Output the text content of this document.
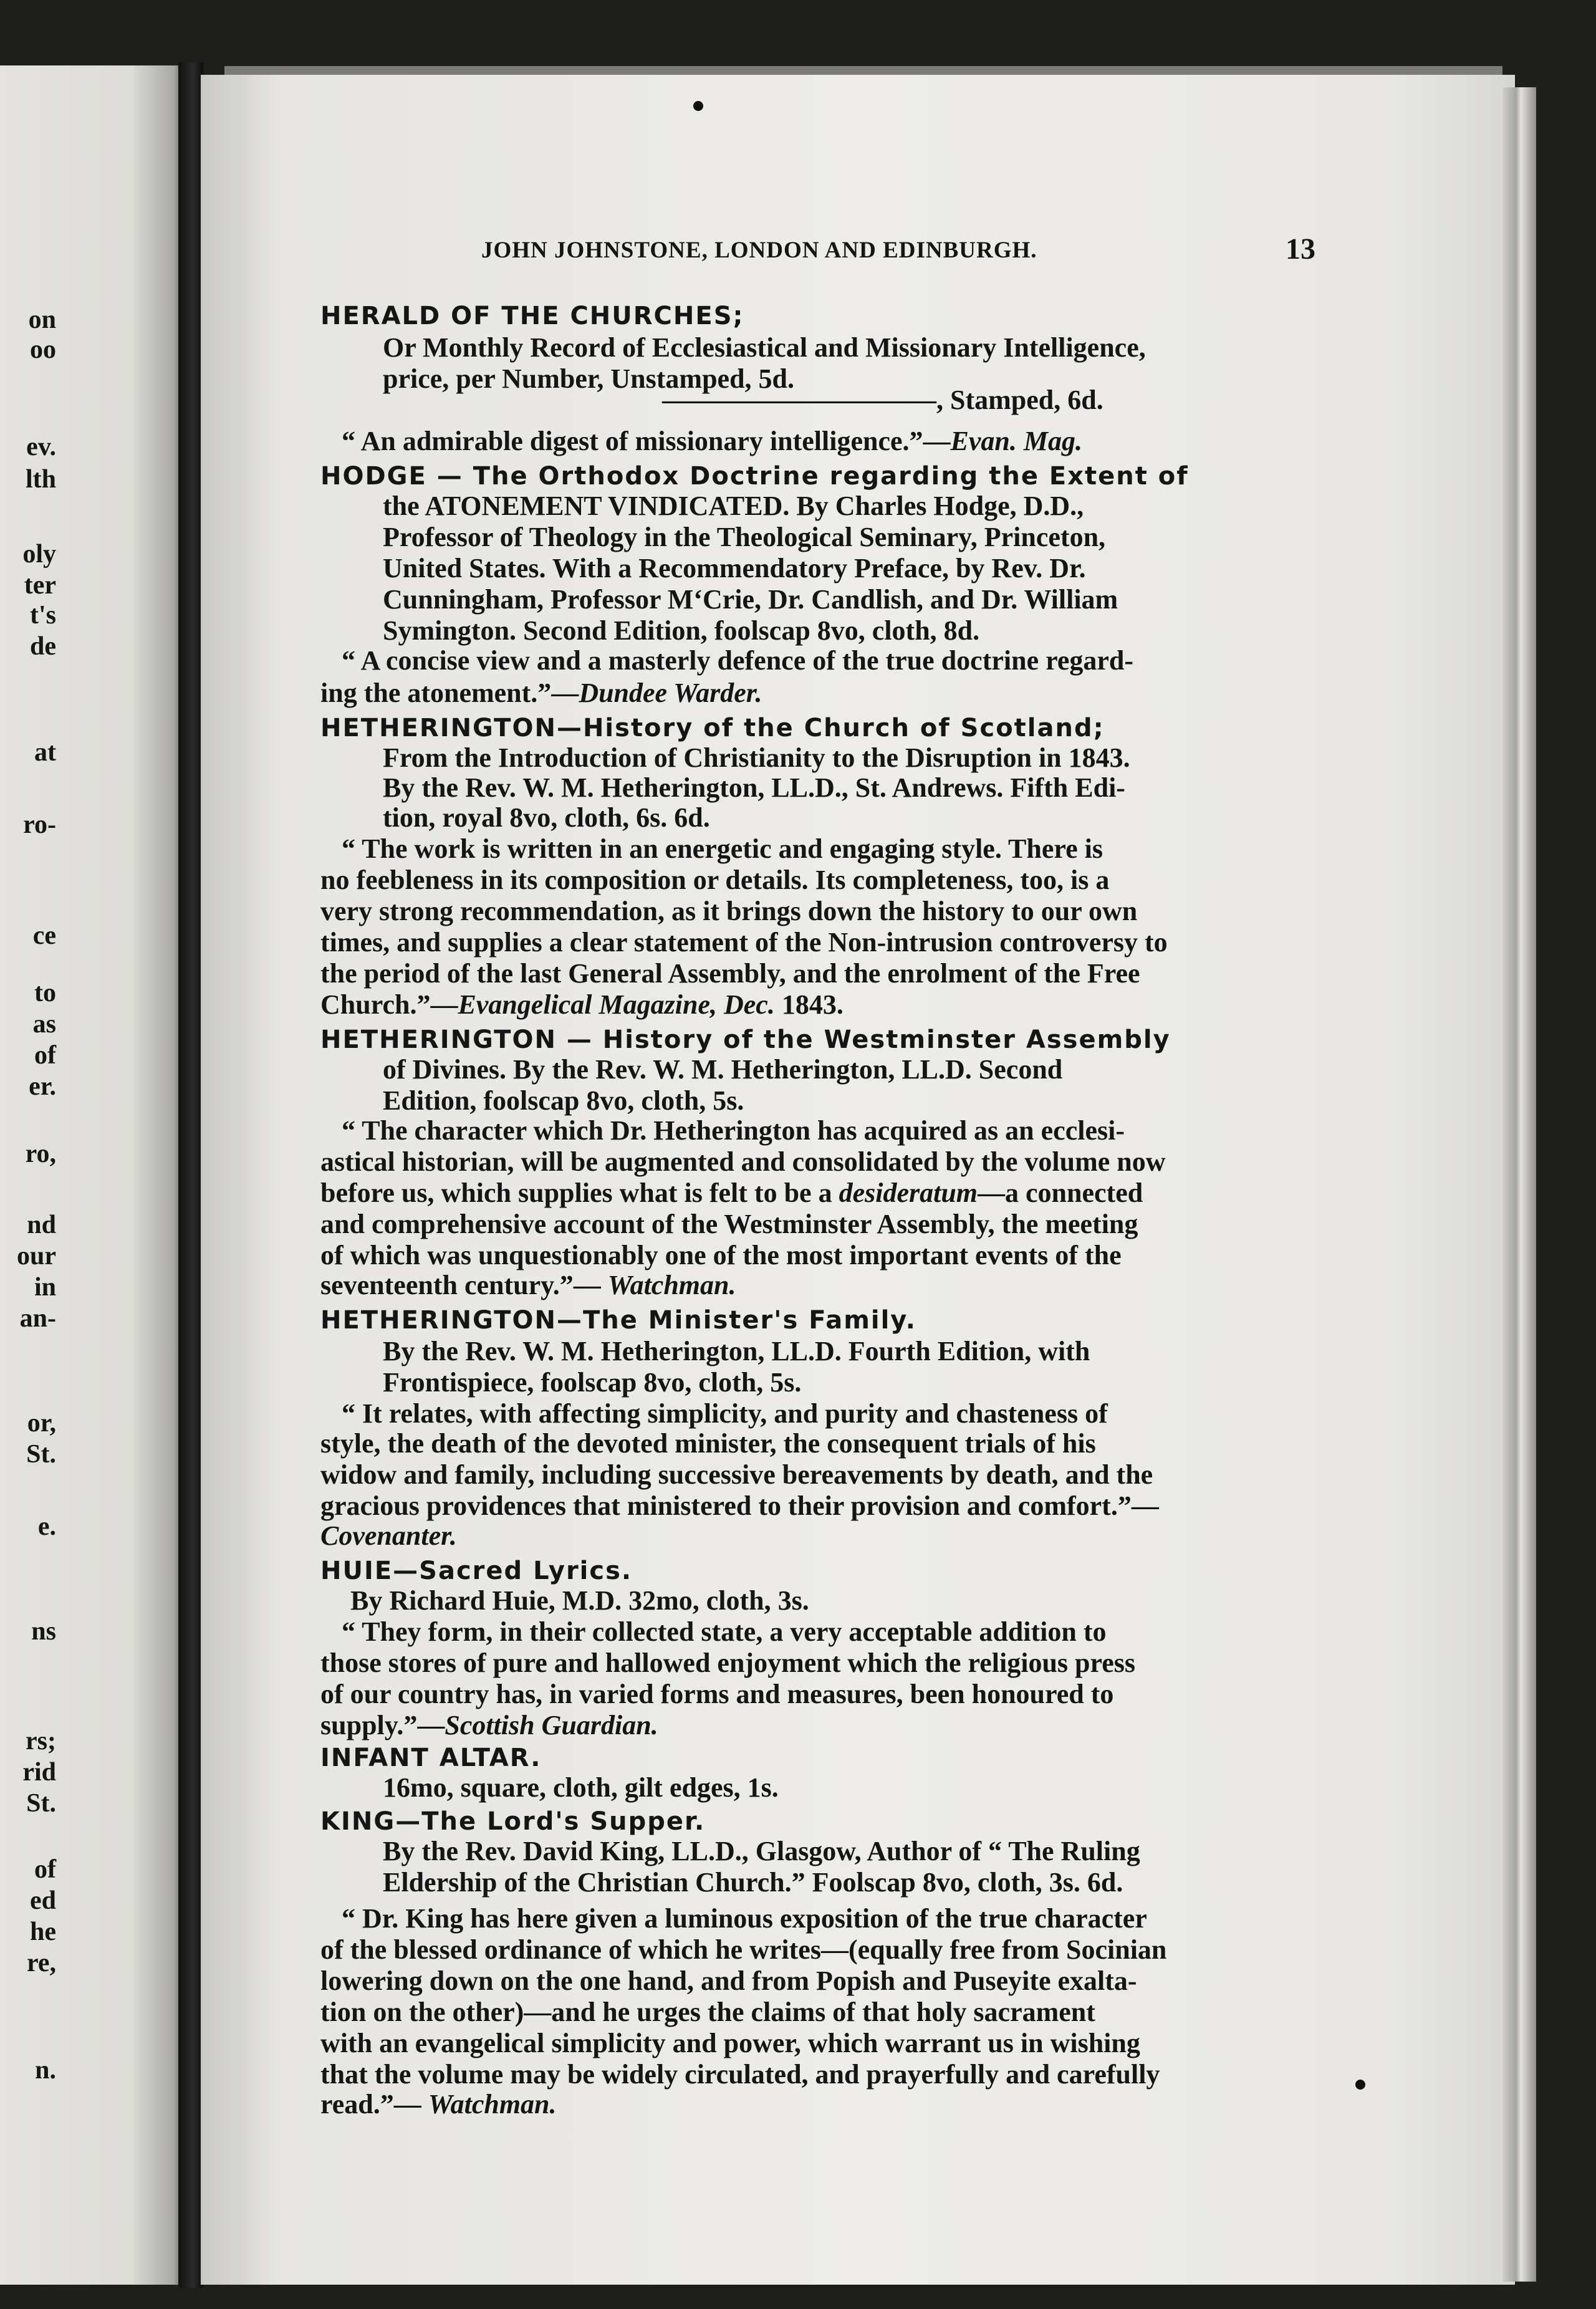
on
oo
ev.
lth
oly
ter
t's
de
at
ro-
ce
to
as
of
er.
ro,
nd
our
in
an-
or,
St.
e.
ns
rs;
rid
St.
of
ed
he
re,
n.
JOHN JOHNSTONE, LONDON AND EDINBURGH.	13
HERALD OF THE CHURCHES;
Or Monthly Record of Ecclesiastical and Missionary Intelligence,
price, per Number, Unstamped, 5d.
——————————, Stamped, 6d.
“ An admirable digest of missionary intelligence.”—Evan. Mag.
HODGE — The Orthodox Doctrine regarding the Extent of
the ATONEMENT VINDICATED. By Charles Hodge, D.D.,
Professor of Theology in the Theological Seminary, Princeton,
United States. With a Recommendatory Preface, by Rev. Dr.
Cunningham, Professor M‘Crie, Dr. Candlish, and Dr. William
Symington. Second Edition, foolscap 8vo, cloth, 8d.
“ A concise view and a masterly defence of the true doctrine regard-
ing the atonement.”—Dundee Warder.
HETHERINGTON—History of the Church of Scotland;
From the Introduction of Christianity to the Disruption in 1843.
By the Rev. W. M. Hetherington, LL.D., St. Andrews. Fifth Edi-
tion, royal 8vo, cloth, 6s. 6d.
“ The work is written in an energetic and engaging style. There is
no feebleness in its composition or details. Its completeness, too, is a
very strong recommendation, as it brings down the history to our own
times, and supplies a clear statement of the Non-intrusion controversy to
the period of the last General Assembly, and the enrolment of the Free
Church.”—Evangelical Magazine, Dec. 1843.
HETHERINGTON — History of the Westminster Assembly
of Divines. By the Rev. W. M. Hetherington, LL.D. Second
Edition, foolscap 8vo, cloth, 5s.
“ The character which Dr. Hetherington has acquired as an ecclesi-
astical historian, will be augmented and consolidated by the volume now
before us, which supplies what is felt to be a desideratum—a connected
and comprehensive account of the Westminster Assembly, the meeting
of which was unquestionably one of the most important events of the
seventeenth century.”— Watchman.
HETHERINGTON—The Minister's Family.
By the Rev. W. M. Hetherington, LL.D. Fourth Edition, with
Frontispiece, foolscap 8vo, cloth, 5s.
“ It relates, with affecting simplicity, and purity and chasteness of
style, the death of the devoted minister, the consequent trials of his
widow and family, including successive bereavements by death, and the
gracious providences that ministered to their provision and comfort.”—
Covenanter.
HUIE—Sacred Lyrics.
By Richard Huie, M.D. 32mo, cloth, 3s.
“ They form, in their collected state, a very acceptable addition to
those stores of pure and hallowed enjoyment which the religious press
of our country has, in varied forms and measures, been honoured to
supply.”—Scottish Guardian.
INFANT ALTAR.
16mo, square, cloth, gilt edges, 1s.
KING—The Lord's Supper.
By the Rev. David King, LL.D., Glasgow, Author of “ The Ruling
Eldership of the Christian Church.” Foolscap 8vo, cloth, 3s. 6d.
“ Dr. King has here given a luminous exposition of the true character
of the blessed ordinance of which he writes—(equally free from Socinian
lowering down on the one hand, and from Popish and Puseyite exalta-
tion on the other)—and he urges the claims of that holy sacrament
with an evangelical simplicity and power, which warrant us in wishing
that the volume may be widely circulated, and prayerfully and carefully
read.”— Watchman.
